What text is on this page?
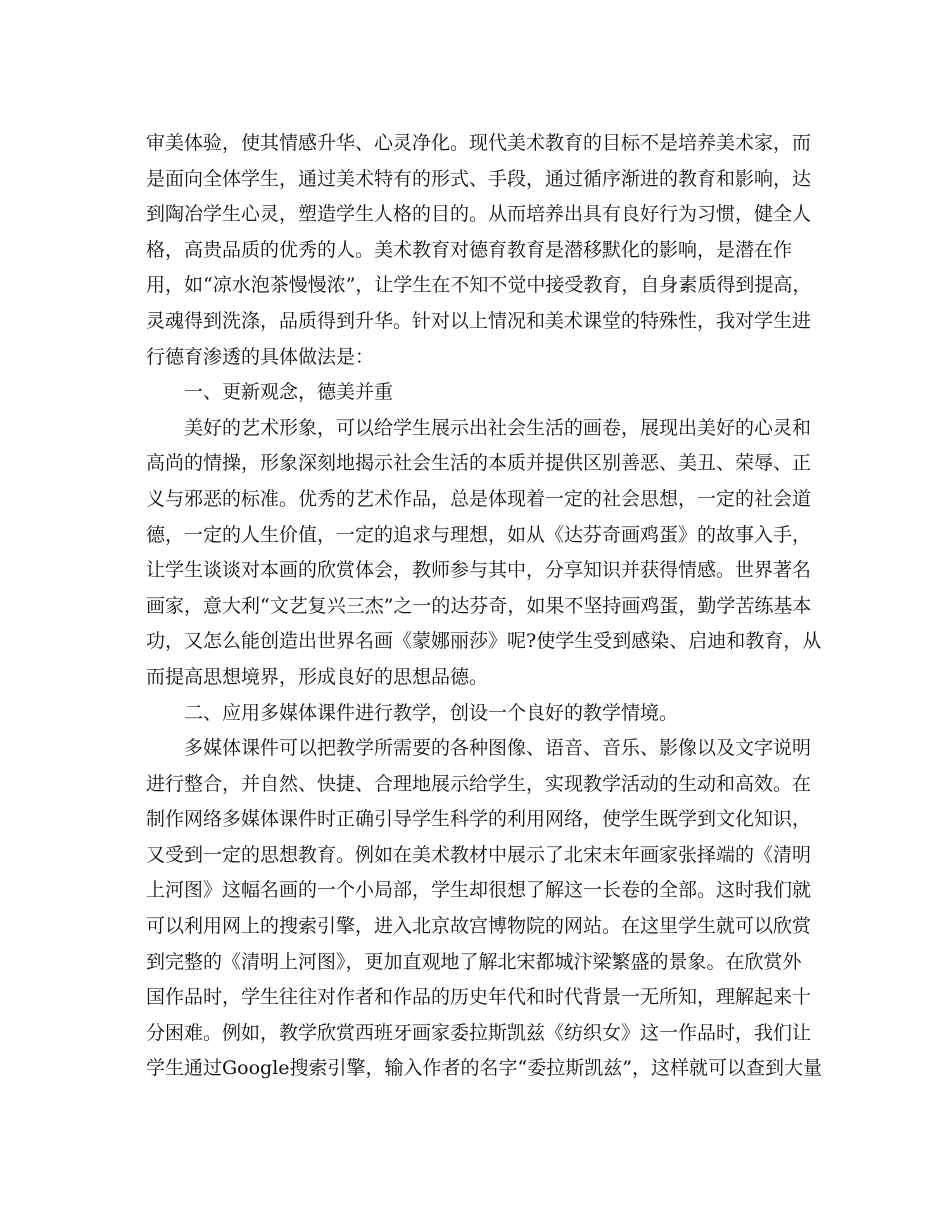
审美体验，使其情感升华、心灵净化。现代美术教育的目标不是培养美术家，而
是面向全体学生，通过美术特有的形式、手段，通过循序渐进的教育和影响，达
到陶冶学生心灵，塑造学生人格的目的。从而培养出具有良好行为习惯，健全人
格，高贵品质的优秀的人。美术教育对德育教育是潜移默化的影响，是潜在作
用，如“凉水泡茶慢慢浓”，让学生在不知不觉中接受教育，自身素质得到提高，
灵魂得到洗涤，品质得到升华。针对以上情况和美术课堂的特殊性，我对学生进
行德育渗透的具体做法是：
一、更新观念，德美并重
美好的艺术形象，可以给学生展示出社会生活的画卷，展现出美好的心灵和
高尚的情操，形象深刻地揭示社会生活的本质并提供区别善恶、美丑、荣辱、正
义与邪恶的标准。优秀的艺术作品，总是体现着一定的社会思想，一定的社会道
德，一定的人生价值，一定的追求与理想，如从《达芬奇画鸡蛋》的故事入手，
让学生谈谈对本画的欣赏体会，教师参与其中，分享知识并获得情感。世界著名
画家，意大利“文艺复兴三杰”之一的达芬奇，如果不坚持画鸡蛋，勤学苦练基本
功，又怎么能创造出世界名画《蒙娜丽莎》呢?使学生受到感染、启迪和教育，从
而提高思想境界，形成良好的思想品德。
二、应用多媒体课件进行教学，创设一个良好的教学情境。
多媒体课件可以把教学所需要的各种图像、语音、音乐、影像以及文字说明
进行整合，并自然、快捷、合理地展示给学生，实现教学活动的生动和高效。在
制作网络多媒体课件时正确引导学生科学的利用网络，使学生既学到文化知识，
又受到一定的思想教育。例如在美术教材中展示了北宋末年画家张择端的《清明
上河图》这幅名画的一个小局部，学生却很想了解这一长卷的全部。这时我们就
可以利用网上的搜索引擎，进入北京故宫博物院的网站。在这里学生就可以欣赏
到完整的《清明上河图》，更加直观地了解北宋都城汴梁繁盛的景象。在欣赏外
国作品时，学生往往对作者和作品的历史年代和时代背景一无所知，理解起来十
分困难。例如，教学欣赏西班牙画家委拉斯凯兹《纺织女》这一作品时，我们让
学生通过Google搜索引擎，输入作者的名字“委拉斯凯兹”，这样就可以查到大量
